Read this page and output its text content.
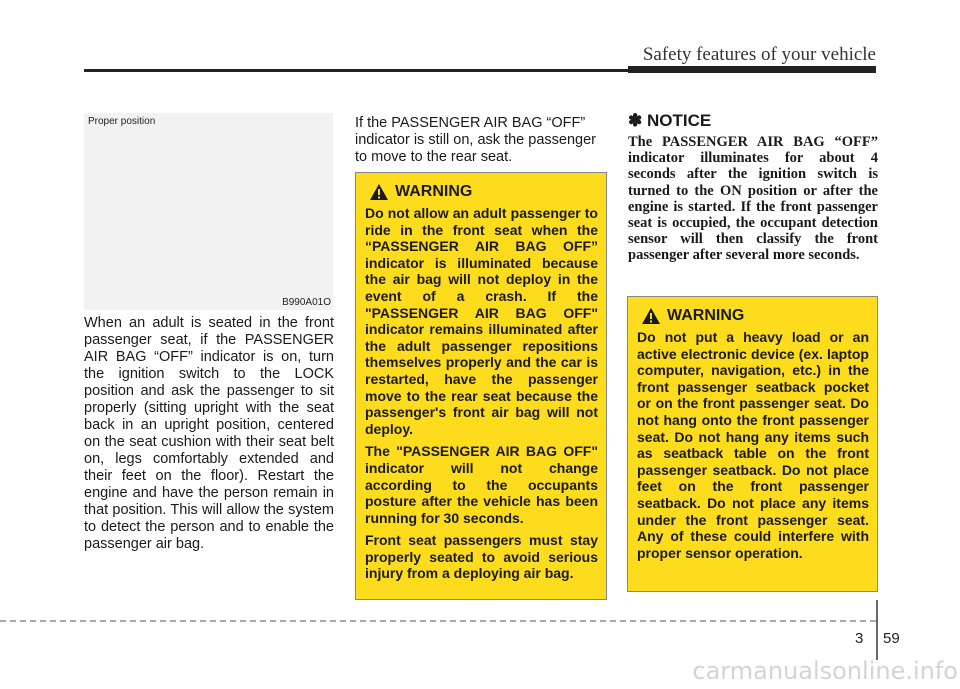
Safety features of your vehicle
Proper position
B990A01O
When an adult is seated in the front passenger seat, if the PASSENGER AIR BAG “OFF” indicator is on, turn the ignition switch to the LOCK position and ask the passenger to sit properly (sitting upright with the seat back in an upright position, centered on the seat cushion with their seat belt on, legs comfortably extended and their feet on the floor). Restart the engine and have the person remain in that position. This will allow the system to detect the person and to enable the passenger air bag.
If the PASSENGER AIR BAG “OFF” indicator is still on, ask the passenger to move to the rear seat.
WARNING

Do not allow an adult passenger to ride in the front seat when the “PASSENGER AIR BAG OFF” indicator is illuminated because the air bag will not deploy in the event of a crash. If the "PASSENGER AIR BAG OFF" indicator remains illuminated after the adult passenger repositions themselves properly and the car is restarted, have the passenger move to the rear seat because the passenger's front air bag will not deploy.

The "PASSENGER AIR BAG OFF" indicator will not change according to the occupants posture after the vehicle has been running for 30 seconds.

Front seat passengers must stay properly seated to avoid serious injury from a deploying air bag.

✽ NOTICE
The PASSENGER AIR BAG “OFF” indicator illuminates for about 4 seconds after the ignition switch is turned to the ON position or after the engine is started. If the front passenger seat is occupied, the occupant detection sensor will then classify the front passenger after several more seconds.
WARNING

Do not put a heavy load or an active electronic device (ex. laptop computer, navigation, etc.) in the front passenger seatback pocket or on the front passenger seat. Do not hang onto the front passenger seat. Do not hang any items such as seatback table on the front passenger seatback. Do not place feet on the front passenger seatback. Do not place any items under the front passenger seat. Any of these could interfere with proper sensor operation.

3 59
carmanualsonline.info
